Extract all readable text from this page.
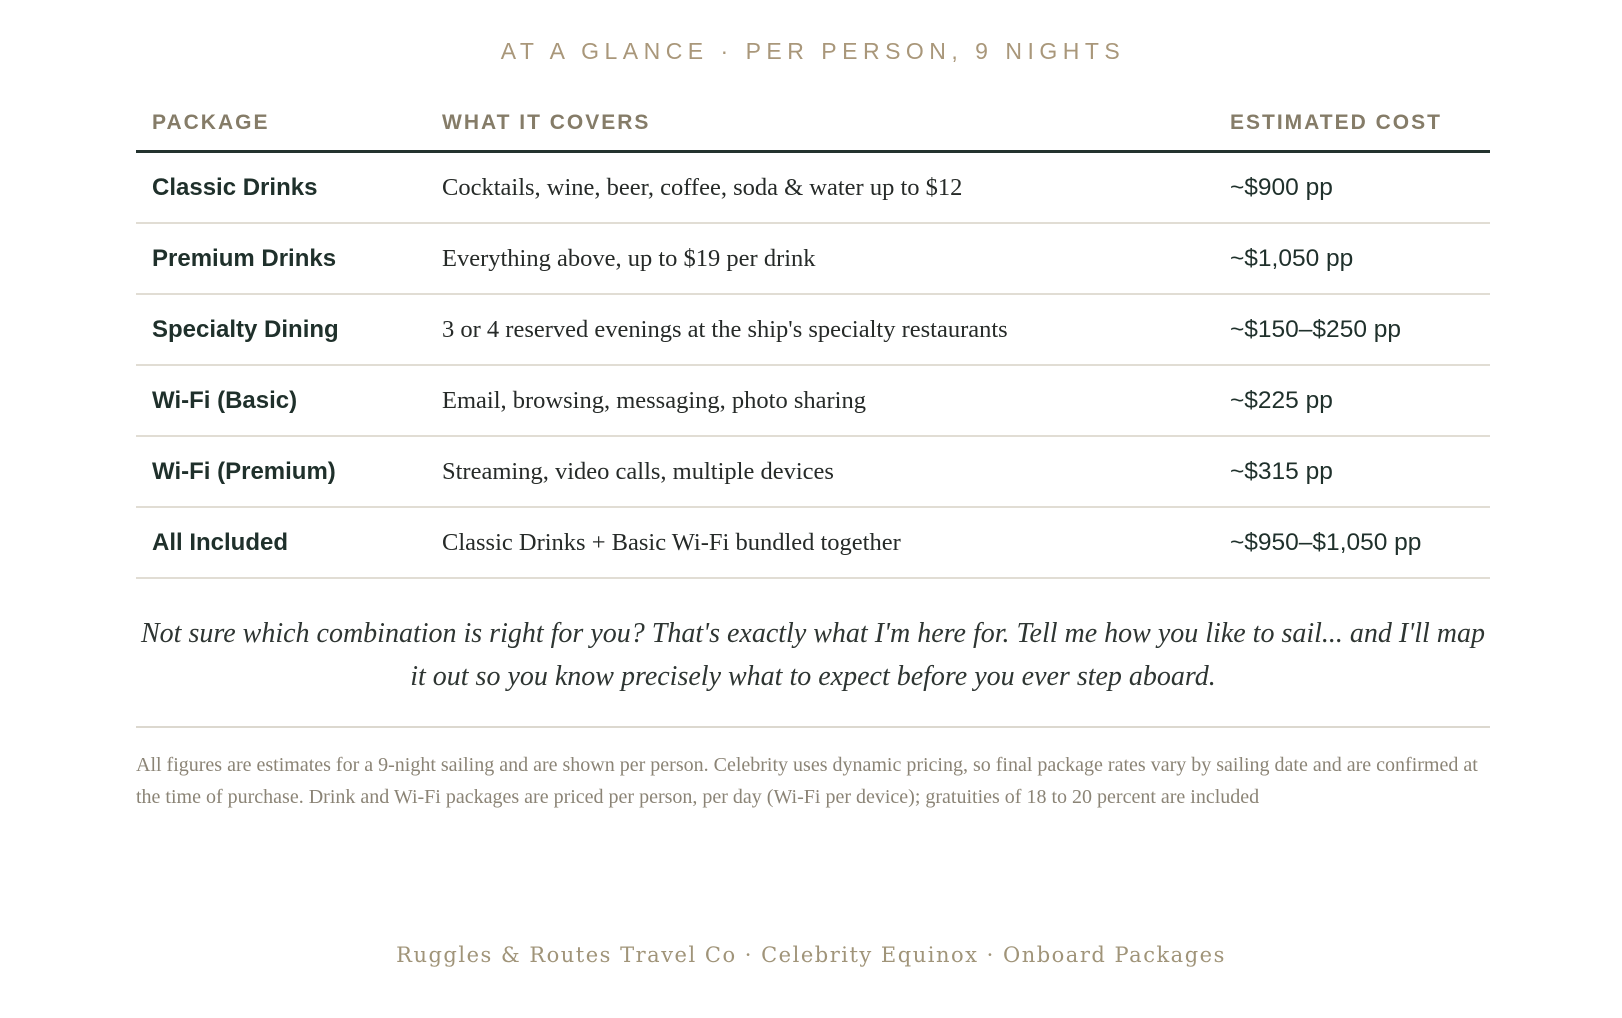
AT A GLANCE · PER PERSON, 9 NIGHTS
PACKAGE	WHAT IT COVERS	ESTIMATED COST
Classic Drinks	Cocktails, wine, beer, coffee, soda & water up to $12	~$900 pp
Premium Drinks	Everything above, up to $19 per drink	~$1,050 pp
Specialty Dining	3 or 4 reserved evenings at the ship's specialty restaurants	~$150–$250 pp
Wi-Fi (Basic)	Email, browsing, messaging, photo sharing	~$225 pp
Wi-Fi (Premium)	Streaming, video calls, multiple devices	~$315 pp
All Included	Classic Drinks + Basic Wi-Fi bundled together	~$950–$1,050 pp

Not sure which combination is right for you? That's exactly what I'm here for. Tell me how you like to sail... and I'll map it out so you know precisely what to expect before you ever step aboard.

All figures are estimates for a 9-night sailing and are shown per person. Celebrity uses dynamic pricing, so final package rates vary by sailing date and are confirmed at the time of purchase. Drink and Wi-Fi packages are priced per person, per day (Wi-Fi per device); gratuities of 18 to 20 percent are included

Ruggles & Routes Travel Co · Celebrity Equinox · Onboard Packages
